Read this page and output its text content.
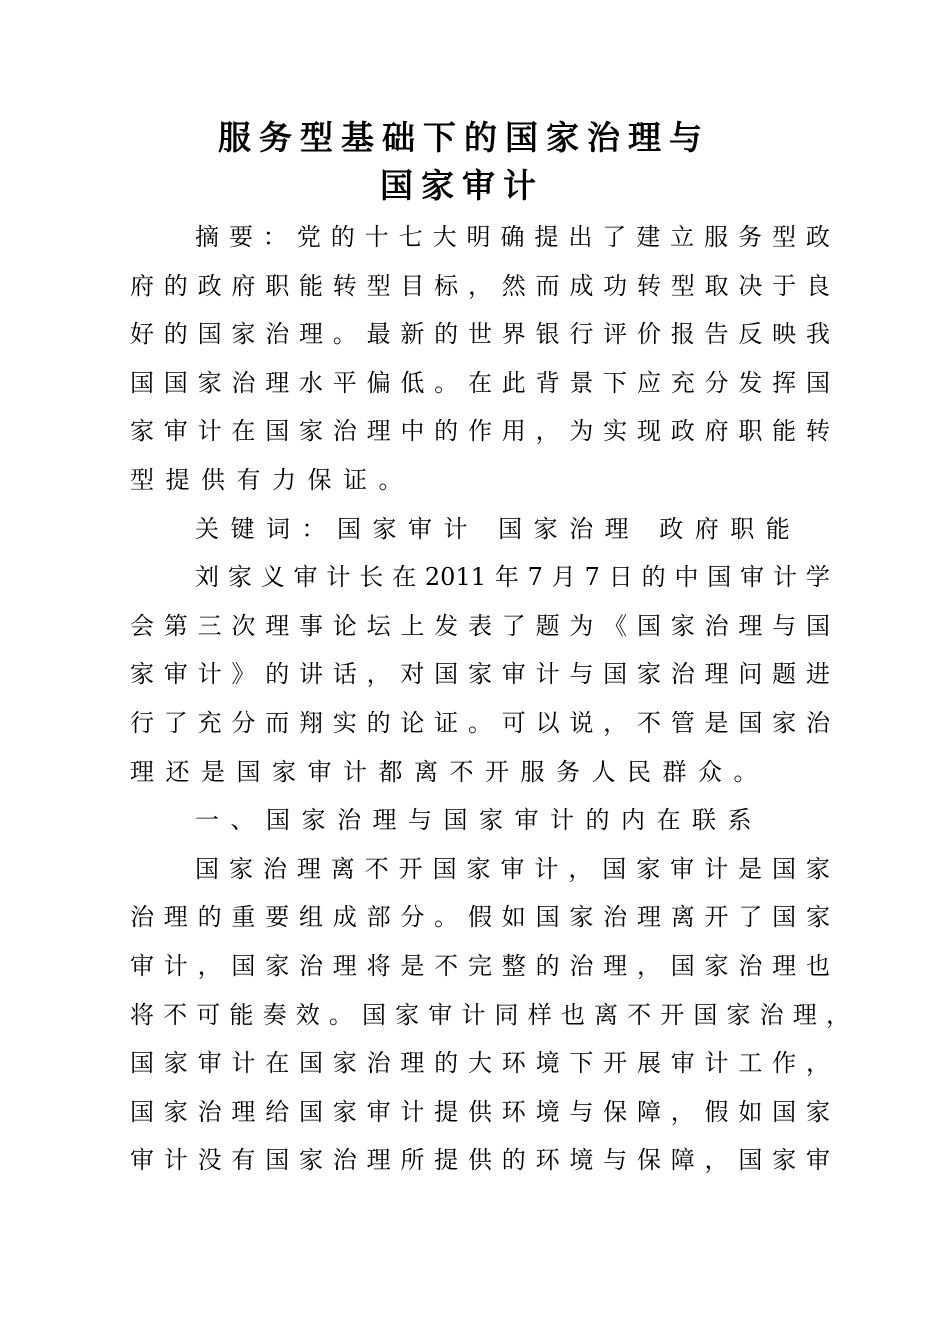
服务型基础下的国家治理与
国家审计
摘 要 ： 党 的 十 七 大 明 确 提 出 了 建 立 服 务 型 政
府 的 政 府 职 能 转 型 目 标 ， 然 而 成 功 转 型 取 决 于 良
好 的 国 家 治 理 。 最 新 的 世 界 银 行 评 价 报 告 反 映 我
国 国 家 治 理 水 平 偏 低 。 在 此 背 景 下 应 充 分 发 挥 国
家 审 计 在 国 家 治 理 中 的 作 用 ， 为 实 现 政 府 职 能 转
型 提 供 有 力 保 证 。
关 键 词 ： 国 家 审 计
国 家 治 理
政 府 职 能
刘 家 义 审 计 长 在 2011 年 7 月 7 日 的 中 国 审 计 学
会 第 三 次 理 事 论 坛 上 发 表 了 题 为 《 国 家 治 理 与 国
家 审 计 》 的 讲 话 ， 对 国 家 审 计 与 国 家 治 理 问 题 进
行 了 充 分 而 翔 实 的 论 证 。 可 以 说 ， 不 管 是 国 家 治
理 还 是 国 家 审 计 都 离 不 开 服 务 人 民 群 众 。
一 、 国 家 治 理 与 国 家 审 计 的 内 在 联 系
国 家 治 理 离 不 开 国 家 审 计 ， 国 家 审 计 是 国 家
治 理 的 重 要 组 成 部 分 。 假 如 国 家 治 理 离 开 了 国 家
审 计 ， 国 家 治 理 将 是 不 完 整 的 治 理 ， 国 家 治 理 也
将 不 可 能 奏 效 。 国 家 审 计 同 样 也 离 不 开 国 家 治 理 ，
国 家 审 计 在 国 家 治 理 的 大 环 境 下 开 展 审 计 工 作 ，
国 家 治 理 给 国 家 审 计 提 供 环 境 与 保 障 ， 假 如 国 家
审 计 没 有 国 家 治 理 所 提 供 的 环 境 与 保 障 ， 国 家 审
